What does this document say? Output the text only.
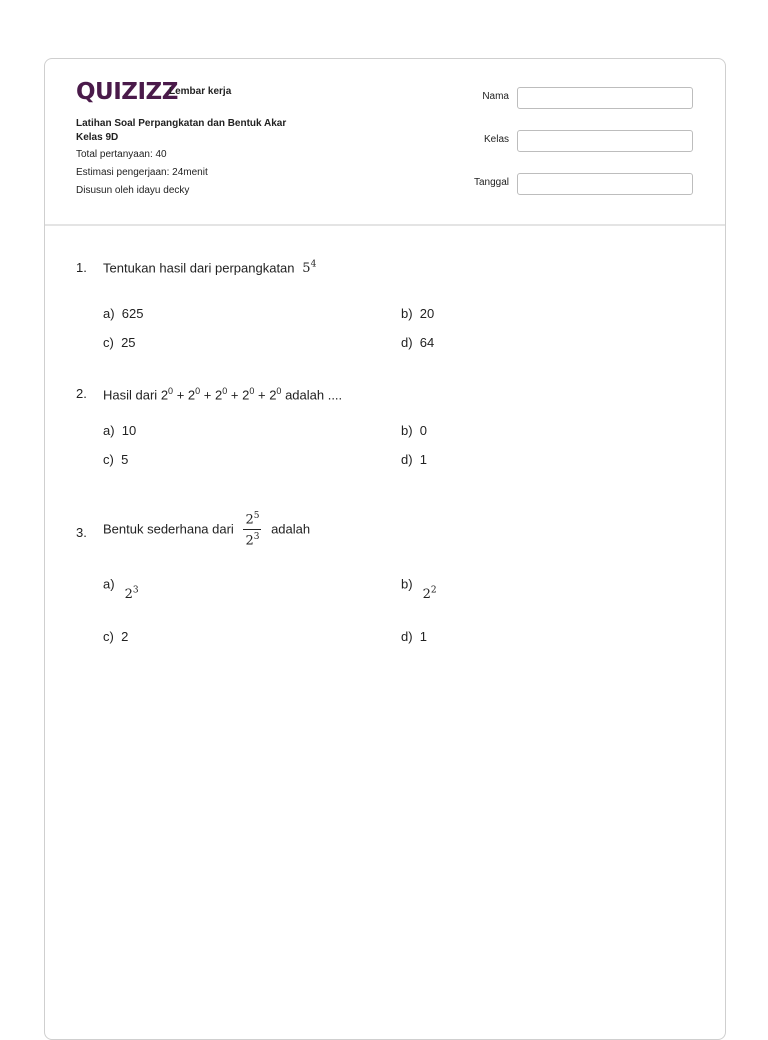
QUIZIZZ
Lembar kerja
Latihan Soal Perpangkatan dan Bentuk Akar
Kelas 9D
Total pertanyaan: 40
Estimasi pengerjaan: 24menit
Disusun oleh idayu decky
Nama
Kelas
Tanggal
1. Tentukan hasil dari perpangkatan $5^4$
a) 625	b) 20
c) 25	d) 64
2. Hasil dari $2^0 + 2^0 + 2^0 + 2^0 + 2^0$ adalah ....
a) 10	b) 0
c) 5	d) 1
3. Bentuk sederhana dari $\frac{2^5}{2^3}$ adalah
$a)2^3$	$b)2^2$
c) 2	d) 1
